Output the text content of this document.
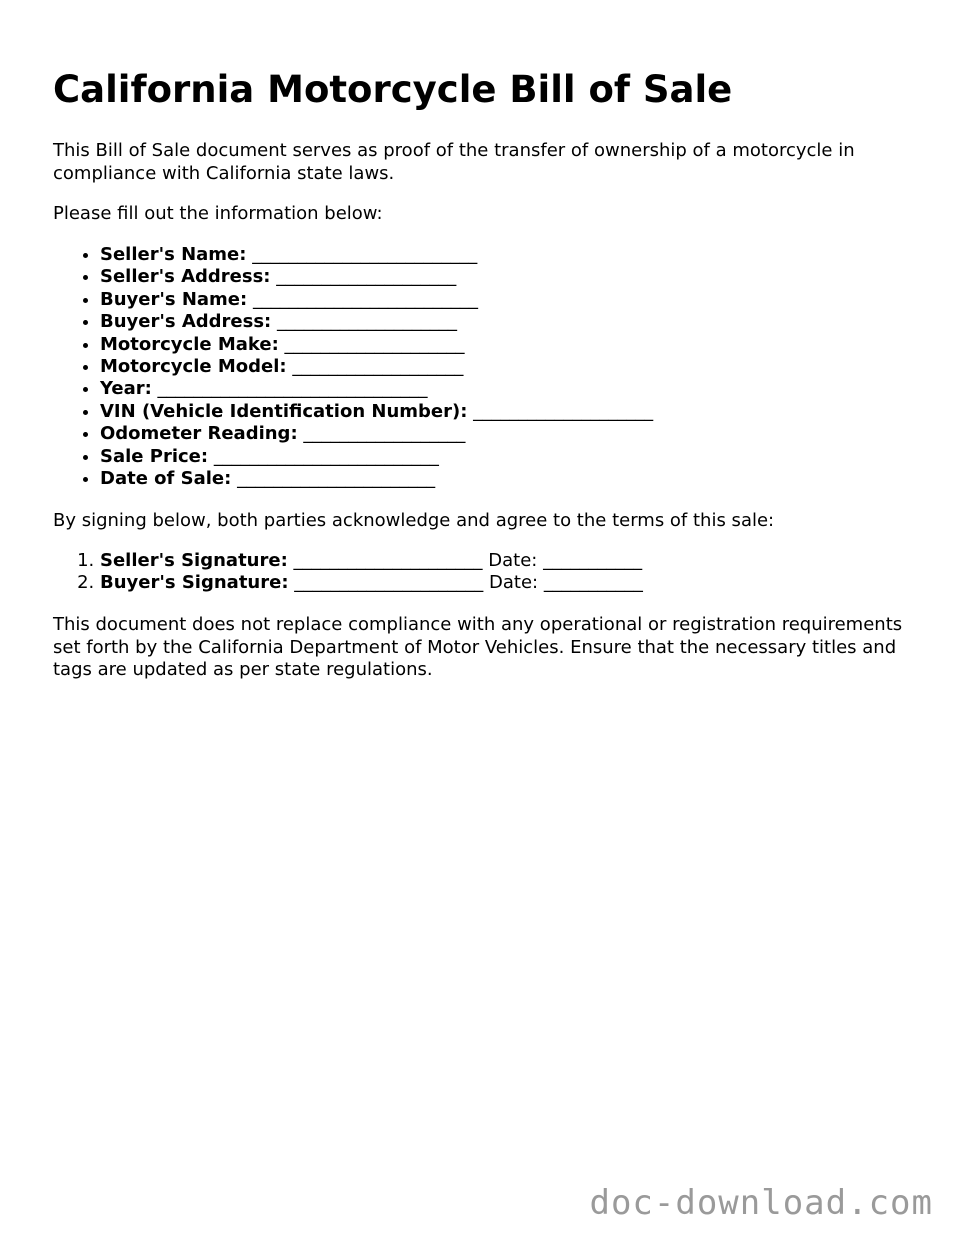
California Motorcycle Bill of Sale

This Bill of Sale document serves as proof of the transfer of ownership of a motorcycle in compliance with California state laws.

Please fill out the information below:

• Seller's Name: _________________________
• Seller's Address: ____________________
• Buyer's Name: _________________________
• Buyer's Address: ____________________
• Motorcycle Make: ____________________
• Motorcycle Model: ___________________
• Year: ______________________________
• VIN (Vehicle Identification Number): ____________________
• Odometer Reading: __________________
• Sale Price: _________________________
• Date of Sale: ______________________

By signing below, both parties acknowledge and agree to the terms of this sale:

1. Seller's Signature: _____________________ Date: ___________
2. Buyer's Signature: _____________________ Date: ___________

This document does not replace compliance with any operational or registration requirements set forth by the California Department of Motor Vehicles. Ensure that the necessary titles and tags are updated as per state regulations.

doc-download.com
